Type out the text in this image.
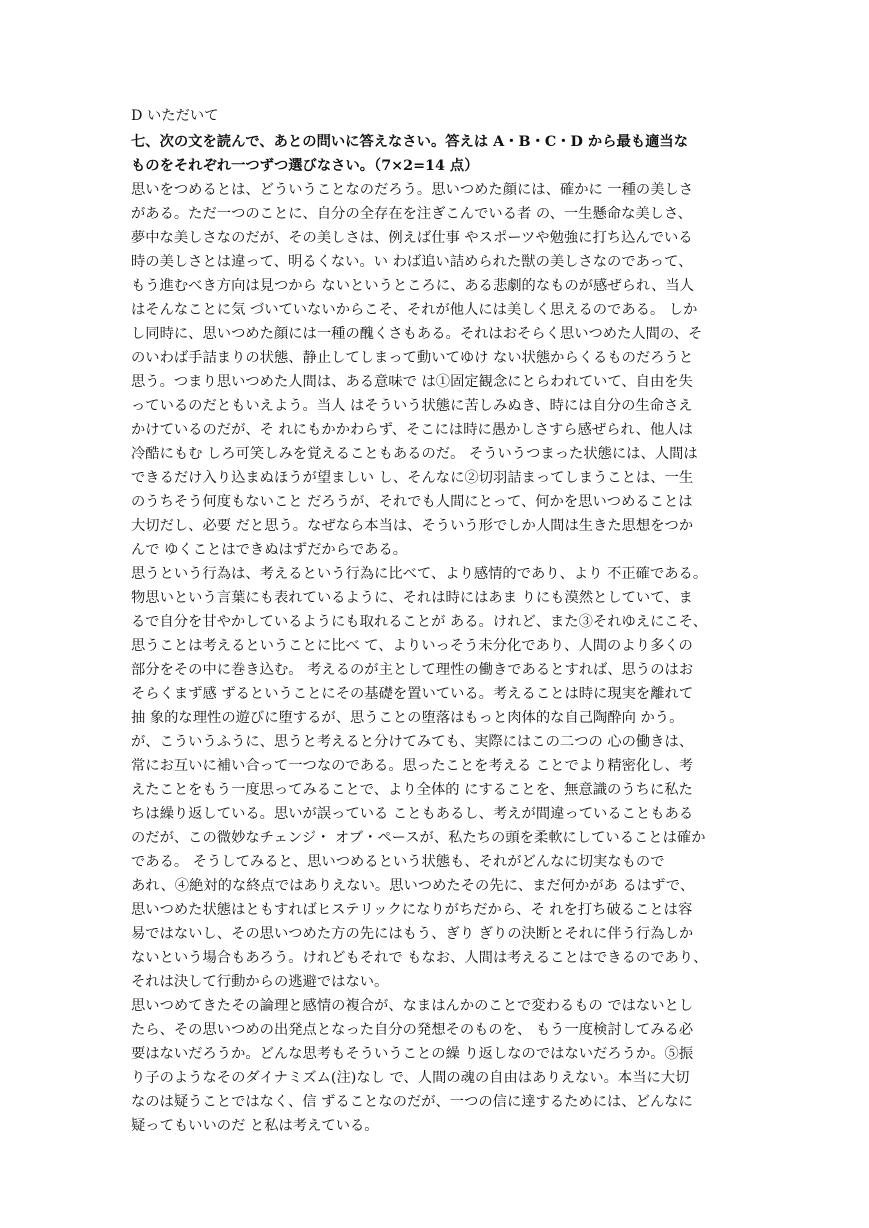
D いただいて
七、次の文を読んで、あとの問いに答えなさい。答えは A・B・C・D から最も適当な
ものをそれぞれ一つずつ選びなさい。（7×2=14 点）
思いをつめるとは、どういうことなのだろう。思いつめた顔には、確かに 一種の美しさ
がある。ただ一つのことに、自分の全存在を注ぎこんでいる者 の、一生懸命な美しさ、
夢中な美しさなのだが、その美しさは、例えば仕事 やスポーツや勉強に打ち込んでいる
時の美しさとは違って、明るくない。い わば追い詰められた獣の美しさなのであって、
もう進むべき方向は見つから ないというところに、ある悲劇的なものが感ぜられ、当人
はそんなことに気 づいていないからこそ、それが他人には美しく思えるのである。 しか
し同時に、思いつめた顔には一種の醜くさもある。それはおそらく思いつめた人間の、そ
のいわば手詰まりの状態、静止してしまって動いてゆけ ない状態からくるものだろうと
思う。つまり思いつめた人間は、ある意味で は①固定観念にとらわれていて、自由を失
っているのだともいえよう。当人 はそういう状態に苦しみぬき、時には自分の生命さえ
かけているのだが、そ れにもかかわらず、そこには時に愚かしさすら感ぜられ、他人は
冷酷にもむ しろ可笑しみを覚えることもあるのだ。 そういうつまった状態には、人間は
できるだけ入り込まぬほうが望ましい し、そんなに②切羽詰まってしまうことは、一生
のうちそう何度もないこと だろうが、それでも人間にとって、何かを思いつめることは
大切だし、必要 だと思う。なぜなら本当は、そういう形でしか人間は生きた思想をつか
んで ゆくことはできぬはずだからである。
思うという行為は、考えるという行為に比べて、より感情的であり、より 不正確である。
物思いという言葉にも表れているように、それは時にはあま りにも漠然としていて、ま
るで自分を甘やかしているようにも取れることが ある。けれど、また③それゆえにこそ、
思うことは考えるということに比べ て、よりいっそう未分化であり、人間のより多くの
部分をその中に巻き込む。 考えるのが主として理性の働きであるとすれば、思うのはお
そらくまず感 ずるということにその基礎を置いている。考えることは時に現実を離れて
抽 象的な理性の遊びに堕するが、思うことの堕落はもっと肉体的な自己陶酔向 かう。
が、こういうふうに、思うと考えると分けてみても、実際にはこの二つの 心の働きは、
常にお互いに補い合って一つなのである。思ったことを考える ことでより精密化し、考
えたことをもう一度思ってみることで、より全体的 にすることを、無意識のうちに私た
ちは繰り返している。思いが誤っている こともあるし、考えが間違っていることもある
のだが、この微妙なチェンジ・ オブ・ペースが、私たちの頭を柔軟にしていることは確か
である。 そうしてみると、思いつめるという状態も、それがどんなに切実なもので
あれ、④絶対的な終点ではありえない。思いつめたその先に、まだ何かがあ るはずで、
思いつめた状態はともすればヒステリックになりがちだから、そ れを打ち破ることは容
易ではないし、その思いつめた方の先にはもう、ぎり ぎりの決断とそれに伴う行為しか
ないという場合もあろう。けれどもそれで もなお、人間は考えることはできるのであり、
それは決して行動からの逃避ではない。
思いつめてきたその論理と感情の複合が、なまはんかのことで変わるもの ではないとし
たら、その思いつめの出発点となった自分の発想そのものを、 もう一度検討してみる必
要はないだろうか。どんな思考もそういうことの繰 り返しなのではないだろうか。⑤振
り子のようなそのダイナミズム(注)なし で、人間の魂の自由はありえない。本当に大切
なのは疑うことではなく、信 ずることなのだが、一つの信に達するためには、どんなに
疑ってもいいのだ と私は考えている。
